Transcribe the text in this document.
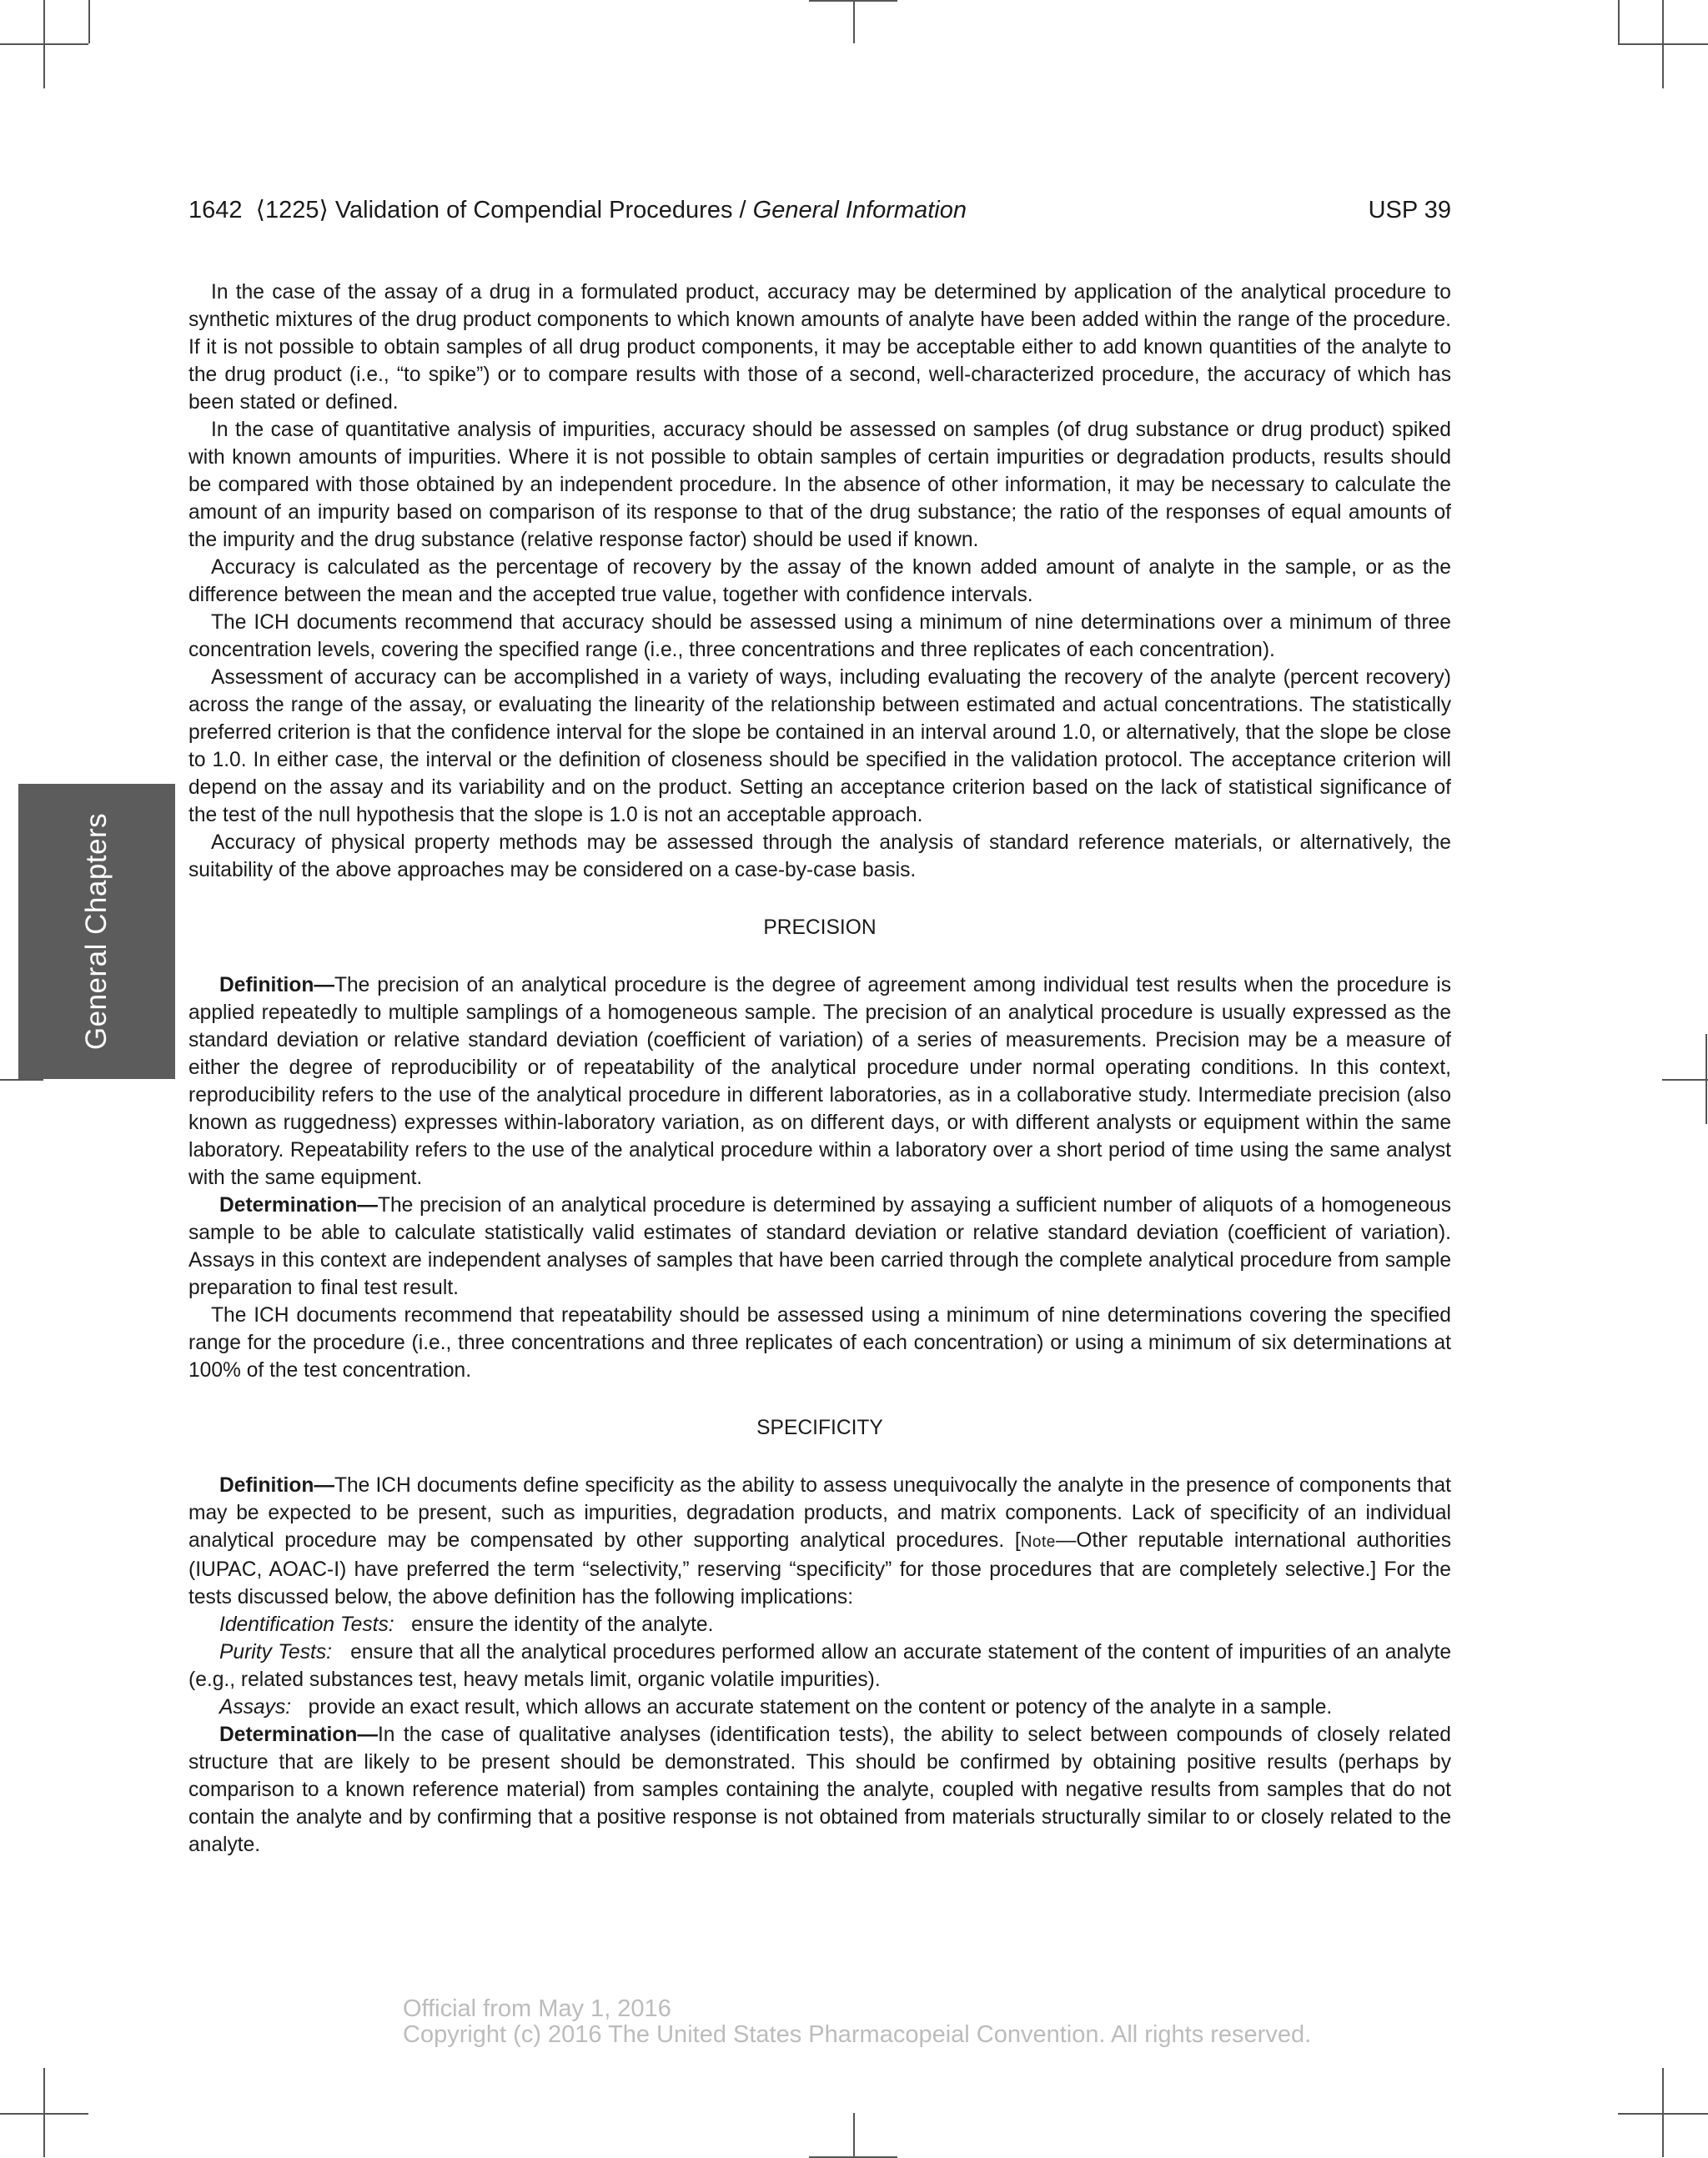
1642 ⟨1225⟩ Validation of Compendial Procedures / General Information	USP 39
General Chapters

In the case of the assay of a drug in a formulated product, accuracy may be determined by application of the analytical procedure to synthetic mixtures of the drug product components to which known amounts of analyte have been added within the range of the procedure. If it is not possible to obtain samples of all drug product components, it may be acceptable either to add known quantities of the analyte to the drug product (i.e., “to spike”) or to compare results with those of a second, well-characterized procedure, the accuracy of which has been stated or defined.

In the case of quantitative analysis of impurities, accuracy should be assessed on samples (of drug substance or drug product) spiked with known amounts of impurities. Where it is not possible to obtain samples of certain impurities or degradation products, results should be compared with those obtained by an independent procedure. In the absence of other information, it may be necessary to calculate the amount of an impurity based on comparison of its response to that of the drug substance; the ratio of the responses of equal amounts of the impurity and the drug substance (relative response factor) should be used if known.

Accuracy is calculated as the percentage of recovery by the assay of the known added amount of analyte in the sample, or as the difference between the mean and the accepted true value, together with confidence intervals.

The ICH documents recommend that accuracy should be assessed using a minimum of nine determinations over a minimum of three concentration levels, covering the specified range (i.e., three concentrations and three replicates of each concentration).

Assessment of accuracy can be accomplished in a variety of ways, including evaluating the recovery of the analyte (percent recovery) across the range of the assay, or evaluating the linearity of the relationship between estimated and actual concentrations. The statistically preferred criterion is that the confidence interval for the slope be contained in an interval around 1.0, or alternatively, that the slope be close to 1.0. In either case, the interval or the definition of closeness should be specified in the validation protocol. The acceptance criterion will depend on the assay and its variability and on the product. Setting an acceptance criterion based on the lack of statistical significance of the test of the null hypothesis that the slope is 1.0 is not an acceptable approach.

Accuracy of physical property methods may be assessed through the analysis of standard reference materials, or alternatively, the suitability of the above approaches may be considered on a case-by-case basis.

PRECISION

Definition—The precision of an analytical procedure is the degree of agreement among individual test results when the procedure is applied repeatedly to multiple samplings of a homogeneous sample. The precision of an analytical procedure is usually expressed as the standard deviation or relative standard deviation (coefficient of variation) of a series of measurements. Precision may be a measure of either the degree of reproducibility or of repeatability of the analytical procedure under normal operating conditions. In this context, reproducibility refers to the use of the analytical procedure in different laboratories, as in a collaborative study. Intermediate precision (also known as ruggedness) expresses within-laboratory variation, as on different days, or with different analysts or equipment within the same laboratory. Repeatability refers to the use of the analytical procedure within a laboratory over a short period of time using the same analyst with the same equipment.

Determination—The precision of an analytical procedure is determined by assaying a sufficient number of aliquots of a homogeneous sample to be able to calculate statistically valid estimates of standard deviation or relative standard deviation (coefficient of variation). Assays in this context are independent analyses of samples that have been carried through the complete analytical procedure from sample preparation to final test result.

The ICH documents recommend that repeatability should be assessed using a minimum of nine determinations covering the specified range for the procedure (i.e., three concentrations and three replicates of each concentration) or using a minimum of six determinations at 100% of the test concentration.

SPECIFICITY

Definition—The ICH documents define specificity as the ability to assess unequivocally the analyte in the presence of components that may be expected to be present, such as impurities, degradation products, and matrix components. Lack of specificity of an individual analytical procedure may be compensated by other supporting analytical procedures. [Note—Other reputable international authorities (IUPAC, AOAC-I) have preferred the term “selectivity,” reserving “specificity” for those procedures that are completely selective.] For the tests discussed below, the above definition has the following implications:

Identification Tests: ensure the identity of the analyte.

Purity Tests: ensure that all the analytical procedures performed allow an accurate statement of the content of impurities of an analyte (e.g., related substances test, heavy metals limit, organic volatile impurities).

Assays: provide an exact result, which allows an accurate statement on the content or potency of the analyte in a sample.

Determination—In the case of qualitative analyses (identification tests), the ability to select between compounds of closely related structure that are likely to be present should be demonstrated. This should be confirmed by obtaining positive results (perhaps by comparison to a known reference material) from samples containing the analyte, coupled with negative results from samples that do not contain the analyte and by confirming that a positive response is not obtained from materials structurally similar to or closely related to the analyte.

Official from May 1, 2016
Copyright (c) 2016 The United States Pharmacopeial Convention. All rights reserved.
